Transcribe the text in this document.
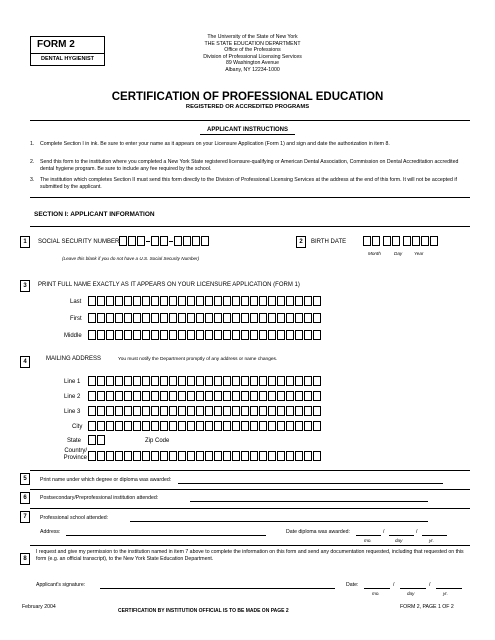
FORM 2
DENTAL HYGIENIST
The University of the State of New York
THE STATE EDUCATION DEPARTMENT
Office of the Professions
Division of Professional Licensing Services
89 Washington Avenue
Albany, NY 12234-1000
CERTIFICATION OF PROFESSIONAL EDUCATION
REGISTERED OR ACCREDITED PROGRAMS
APPLICANT INSTRUCTIONS
1. Complete Section I in ink. Be sure to enter your name as it appears on your Licensure Application (Form 1) and sign and date the authorization in item 8.
2. Send this form to the institution where you completed a New York State registered licensure-qualifying or American Dental Association, Commission on Dental Accreditation accredited dental hygiene program. Be sure to include any fee required by the school.
3. The institution which completes Section II must send this form directly to the Division of Professional Licensing Services at the address at the end of this form. It will not be accepted if submitted by the applicant.
SECTION I: APPLICANT INFORMATION
1	SOCIAL SECURITY NUMBER
(Leave this blank if you do not have a U.S. Social Security Number)
2	BIRTH DATE
Month	Day	Year
3	PRINT FULL NAME EXACTLY AS IT APPEARS ON YOUR LICENSURE APPLICATION (FORM 1)
Last
First
Middle
4	MAILING ADDRESS	You must notify the Department promptly of any address or name changes.
Line 1
Line 2
Line 3
City
State	Zip Code
Country/ Province
5	Print name under which degree or diploma was awarded:
6	Postsecondary/Preprofessional institution attended:
7	Professional school attended:
Address:	Date diploma was awarded:	/	/
mo.	day	yr.
8
I request and give my permission to the institution named in item 7 above to complete the information on this form and send any documentation requested, including that requested on this form (e.g. an official transcript), to the New York State Education Department.
Applicant's signature:	Date:	/	/
mo.	day	yr.
February 2004
CERTIFICATION BY INSTITUTION OFFICIAL IS TO BE MADE ON PAGE 2
FORM 2, PAGE 1 OF 2
